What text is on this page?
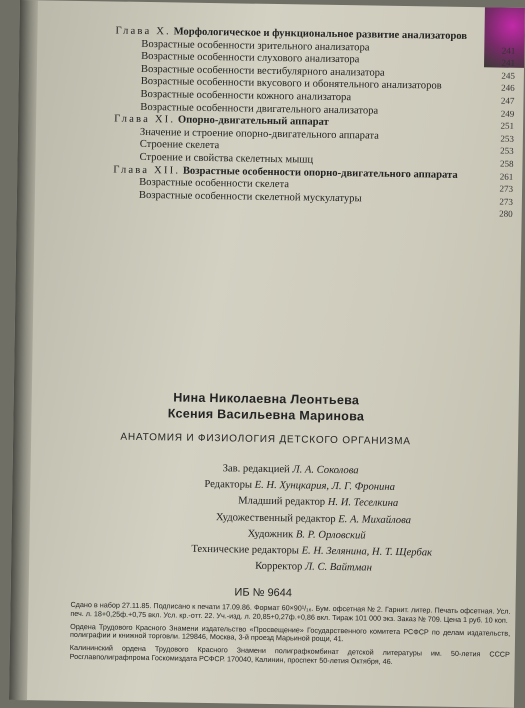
Глава X. Морфологическое и функциональное развитие анализаторов
Возрастные особенности зрительного анализатора	241
Возрастные особенности слухового анализатора	241
Возрастные особенности вестибулярного анализатора	245
Возрастные особенности вкусового и обонятельного анализаторов	246
Возрастные особенности кожного анализатора	247
Возрастные особенности двигательного анализатора	249
Глава XI. Опорно-двигательный аппарат	251
Значение и строение опорно-двигательного аппарата	253
Строение скелета	253
Строение и свойства скелетных мышц	258
Глава XII. Возрастные особенности опорно-двигательного аппарата	261
Возрастные особенности скелета	273
Возрастные особенности скелетной мускулатуры	273
280
Нина Николаевна Леонтьева
Ксения Васильевна Маринова
АНАТОМИЯ И ФИЗИОЛОГИЯ ДЕТСКОГО ОРГАНИЗМА
Зав. редакцией Л. А. Соколова
Редакторы Е. Н. Хунцкария, Л. Г. Фронина
Младший редактор Н. И. Теселкина
Художественный редактор Е. А. Михайлова
Художник В. Р. Орловский
Технические редакторы Е. Н. Зелянина, Н. Т. Щербак
Корректор Л. С. Вайтман
ИБ № 9644

Сдано в набор 27.11.85. Подписано к печати 17.09.86. Формат 60×90¹/₁₆. Бум. офсетная № 2. Гарнит. литер. Печать офсетная. Усл. печ. л. 18+0,25ф.+0,75 вкл. Усл. кр.-отт. 22. Уч.-изд. л. 20,85+0,27ф.+0,86 вкл. Тираж 101 000 экз. Заказ № 709. Цена 1 руб. 10 коп.

Ордена Трудового Красного Знамени издательство «Просвещение» Государственного комитета РСФСР по делам издательств, полиграфии и книжной торговли. 129846, Москва, 3-й проезд Марьиной рощи, 41.

Калининский ордена Трудового Красного Знамени полиграфкомбинат детской литературы им. 50-летия СССР Росглавполиграфпрома Госкомиздата РСФСР. 170040, Калинин, проспект 50-летия Октября, 46.
